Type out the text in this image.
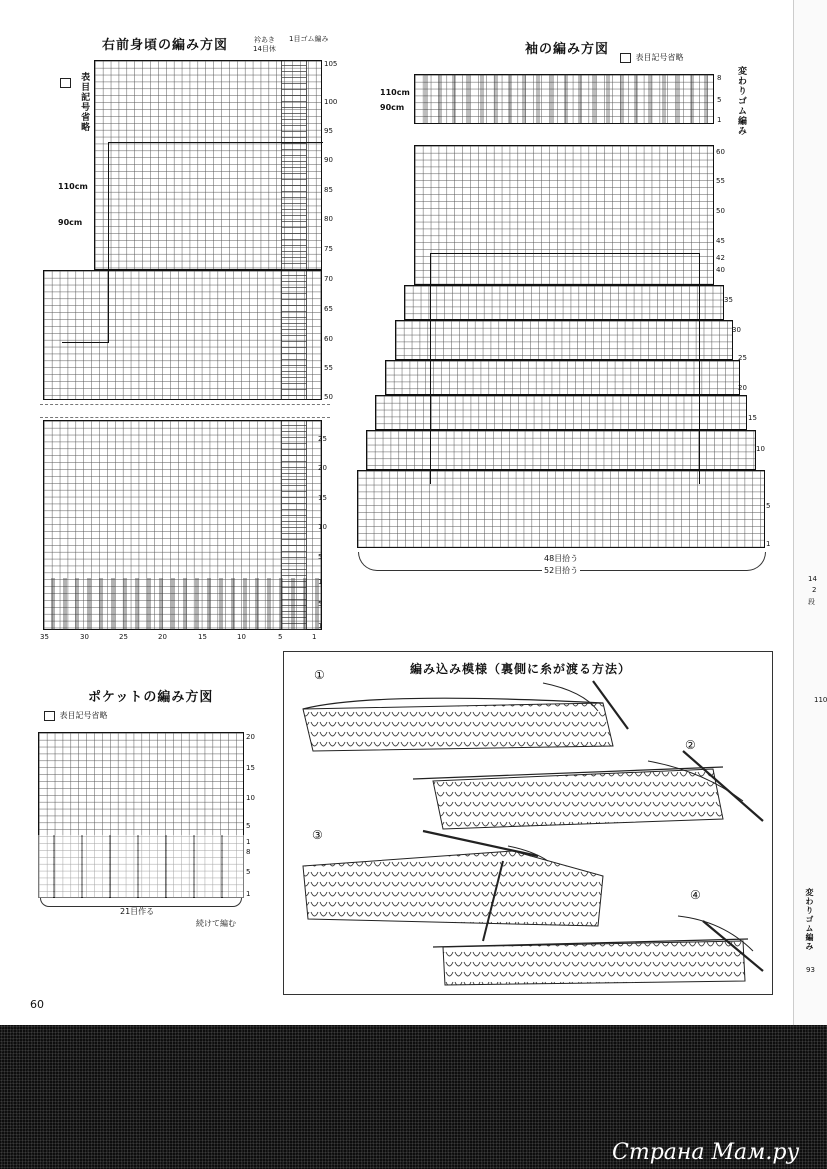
右前身頃の編み方図	衿あき
14目休
1目ゴム編み
表目記号省略
110cm
90cm
105
100
95
90
85
80
75
70
65
60
55
50
25
20
15
10
5
1
5
1
35	30	25	20	15	10	5	1
袖の編み方図
表目記号省略
変わりゴム編み
8
5
1
110cm
90cm
60
55
50
45
42
40
35
30
25
20
15
10
5
1
48目拾う
52目拾う
ポケットの編み方図
表目記号省略
20
15
10
5
1
8
5
1
21目作る
続けて編む
編み込み模様（裏側に糸が渡る方法）
①
②
③
④
60
14
2
段
110
変わりゴム編み
93
Страна Мам.ру
